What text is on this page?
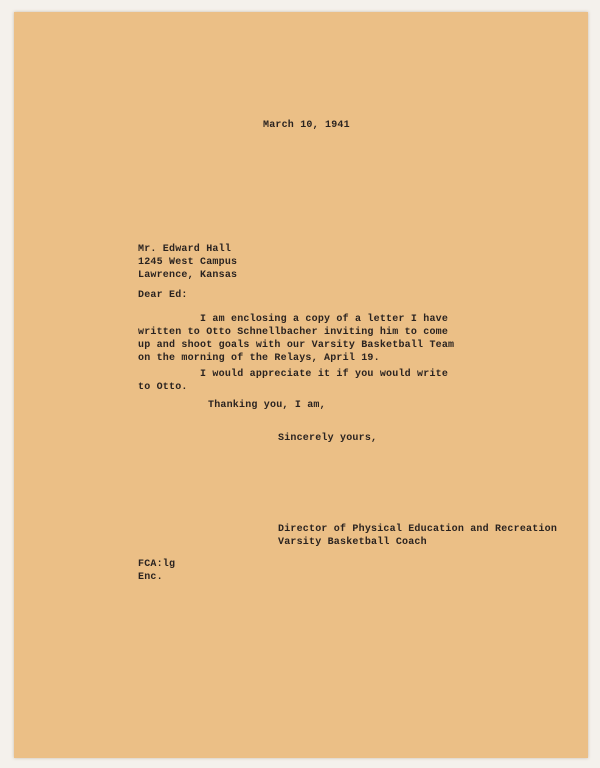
March 10, 1941

Mr. Edward Hall
1245 West Campus
Lawrence, Kansas

Dear Ed:

I am enclosing a copy of a letter I have
written to Otto Schnellbacher inviting him to come
up and shoot goals with our Varsity Basketball Team
on the morning of the Relays, April 19.
I would appreciate it if you would write
to Otto.

Thanking you, I am,

Sincerely yours,

Director of Physical Education and Recreation
Varsity Basketball Coach
FCA:lg
Enc.
